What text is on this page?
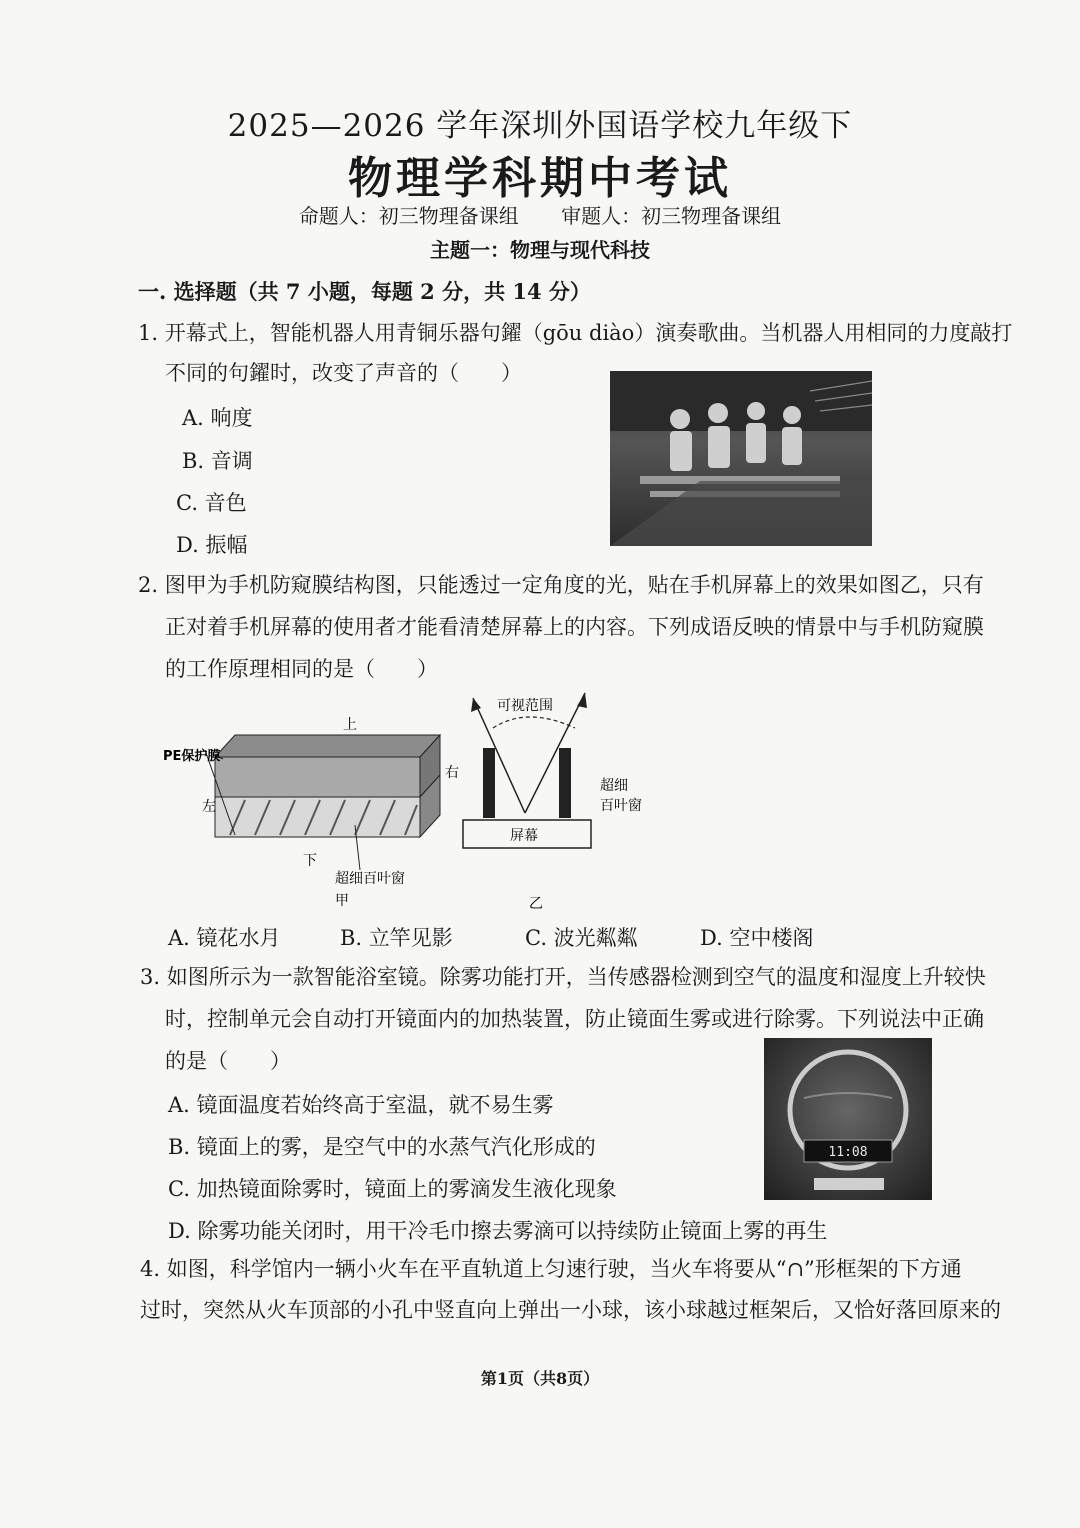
2025—2026 学年深圳外国语学校九年级下
物理学科期中考试
命题人：初三物理备课组 审题人：初三物理备课组
主题一：物理与现代科技
一. 选择题（共 7 小题，每题 2 分，共 14 分）
1. 开幕式上，智能机器人用青铜乐器句鑃（gōu diào）演奏歌曲。当机器人用相同的力度敲打
不同的句鑃时，改变了声音的（　　）
A. 响度
B. 音调
C. 音色
D. 振幅
2. 图甲为手机防窥膜结构图，只能透过一定角度的光，贴在手机屏幕上的效果如图乙，只有
正对着手机屏幕的使用者才能看清楚屏幕上的内容。下列成语反映的情景中与手机防窥膜
的工作原理相同的是（　　）
上
下
左
右
PE保护膜
超细百叶窗
甲
可视范围
屏幕
超细
百叶窗
乙
A. 镜花水月	B. 立竿见影	C. 波光粼粼	D. 空中楼阁
3. 如图所示为一款智能浴室镜。除雾功能打开，当传感器检测到空气的温度和湿度上升较快
时，控制单元会自动打开镜面内的加热装置，防止镜面生雾或进行除雾。下列说法中正确
的是（　　）
A. 镜面温度若始终高于室温，就不易生雾
B. 镜面上的雾，是空气中的水蒸气汽化形成的
C. 加热镜面除雾时，镜面上的雾滴发生液化现象
D. 除雾功能关闭时，用干冷毛巾擦去雾滴可以持续防止镜面上雾的再生
11:08
4. 如图，科学馆内一辆小火车在平直轨道上匀速行驶，当火车将要从“∩”形框架的下方通
过时，突然从火车顶部的小孔中竖直向上弹出一小球，该小球越过框架后，又恰好落回原来的
第1页（共8页）
